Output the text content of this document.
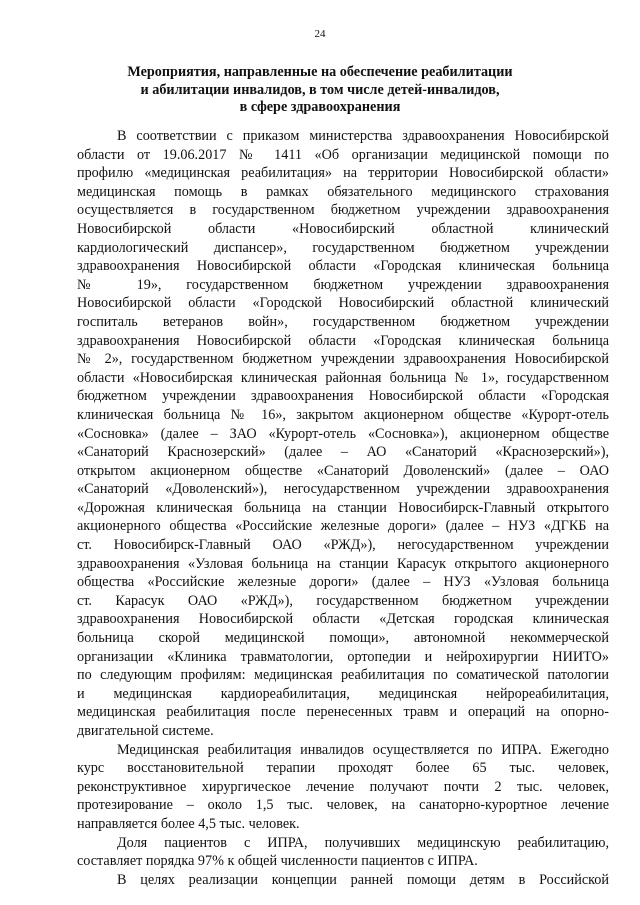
24
Мероприятия, направленные на обеспечение реабилитации
и абилитации инвалидов, в том числе детей-инвалидов,
в сфере здравоохранения
В соответствии с приказом министерства здравоохранения Новосибирской
области от 19.06.2017 № 1411 «Об организации медицинской помощи по
профилю «медицинская реабилитация» на территории Новосибирской области»
медицинская помощь в рамках обязательного медицинского страхования
осуществляется в государственном бюджетном учреждении здравоохранения
Новосибирской области «Новосибирский областной клинический
кардиологический диспансер», государственном бюджетном учреждении
здравоохранения Новосибирской области «Городская клиническая больница
№ 19», государственном бюджетном учреждении здравоохранения
Новосибирской области «Городской Новосибирский областной клинический
госпиталь ветеранов войн», государственном бюджетном учреждении
здравоохранения Новосибирской области «Городская клиническая больница
№ 2», государственном бюджетном учреждении здравоохранения Новосибирской
области «Новосибирская клиническая районная больница № 1», государственном
бюджетном учреждении здравоохранения Новосибирской области «Городская
клиническая больница № 16», закрытом акционерном обществе «Курорт-отель
«Сосновка» (далее – ЗАО «Курорт-отель «Сосновка»), акционерном обществе
«Санаторий Краснозерский» (далее – АО «Санаторий «Краснозерский»),
открытом акционерном обществе «Санаторий Доволенский» (далее – ОАО
«Санаторий «Доволенский»), негосударственном учреждении здравоохранения
«Дорожная клиническая больница на станции Новосибирск-Главный открытого
акционерного общества «Российские железные дороги» (далее – НУЗ «ДГКБ на
ст. Новосибирск-Главный ОАО «РЖД»), негосударственном учреждении
здравоохранения «Узловая больница на станции Карасук открытого акционерного
общества «Российские железные дороги» (далее – НУЗ «Узловая больница
ст. Карасук ОАО «РЖД»), государственном бюджетном учреждении
здравоохранения Новосибирской области «Детская городская клиническая
больница скорой медицинской помощи», автономной некоммерческой
организации «Клиника травматологии, ортопедии и нейрохирургии НИИТО»
по следующим профилям: медицинская реабилитация по соматической патологии
и медицинская кардиореабилитация, медицинская нейрореабилитация,
медицинская реабилитация после перенесенных травм и операций на опорно-
двигательной системе.
Медицинская реабилитация инвалидов осуществляется по ИПРА. Ежегодно
курс восстановительной терапии проходят более 65 тыс. человек,
реконструктивное хирургическое лечение получают почти 2 тыс. человек,
протезирование – около 1,5 тыс. человек, на санаторно-курортное лечение
направляется более 4,5 тыс. человек.
Доля пациентов с ИПРА, получивших медицинскую реабилитацию,
составляет порядка 97% к общей численности пациентов с ИПРА.
В целях реализации концепции ранней помощи детям в Российской
